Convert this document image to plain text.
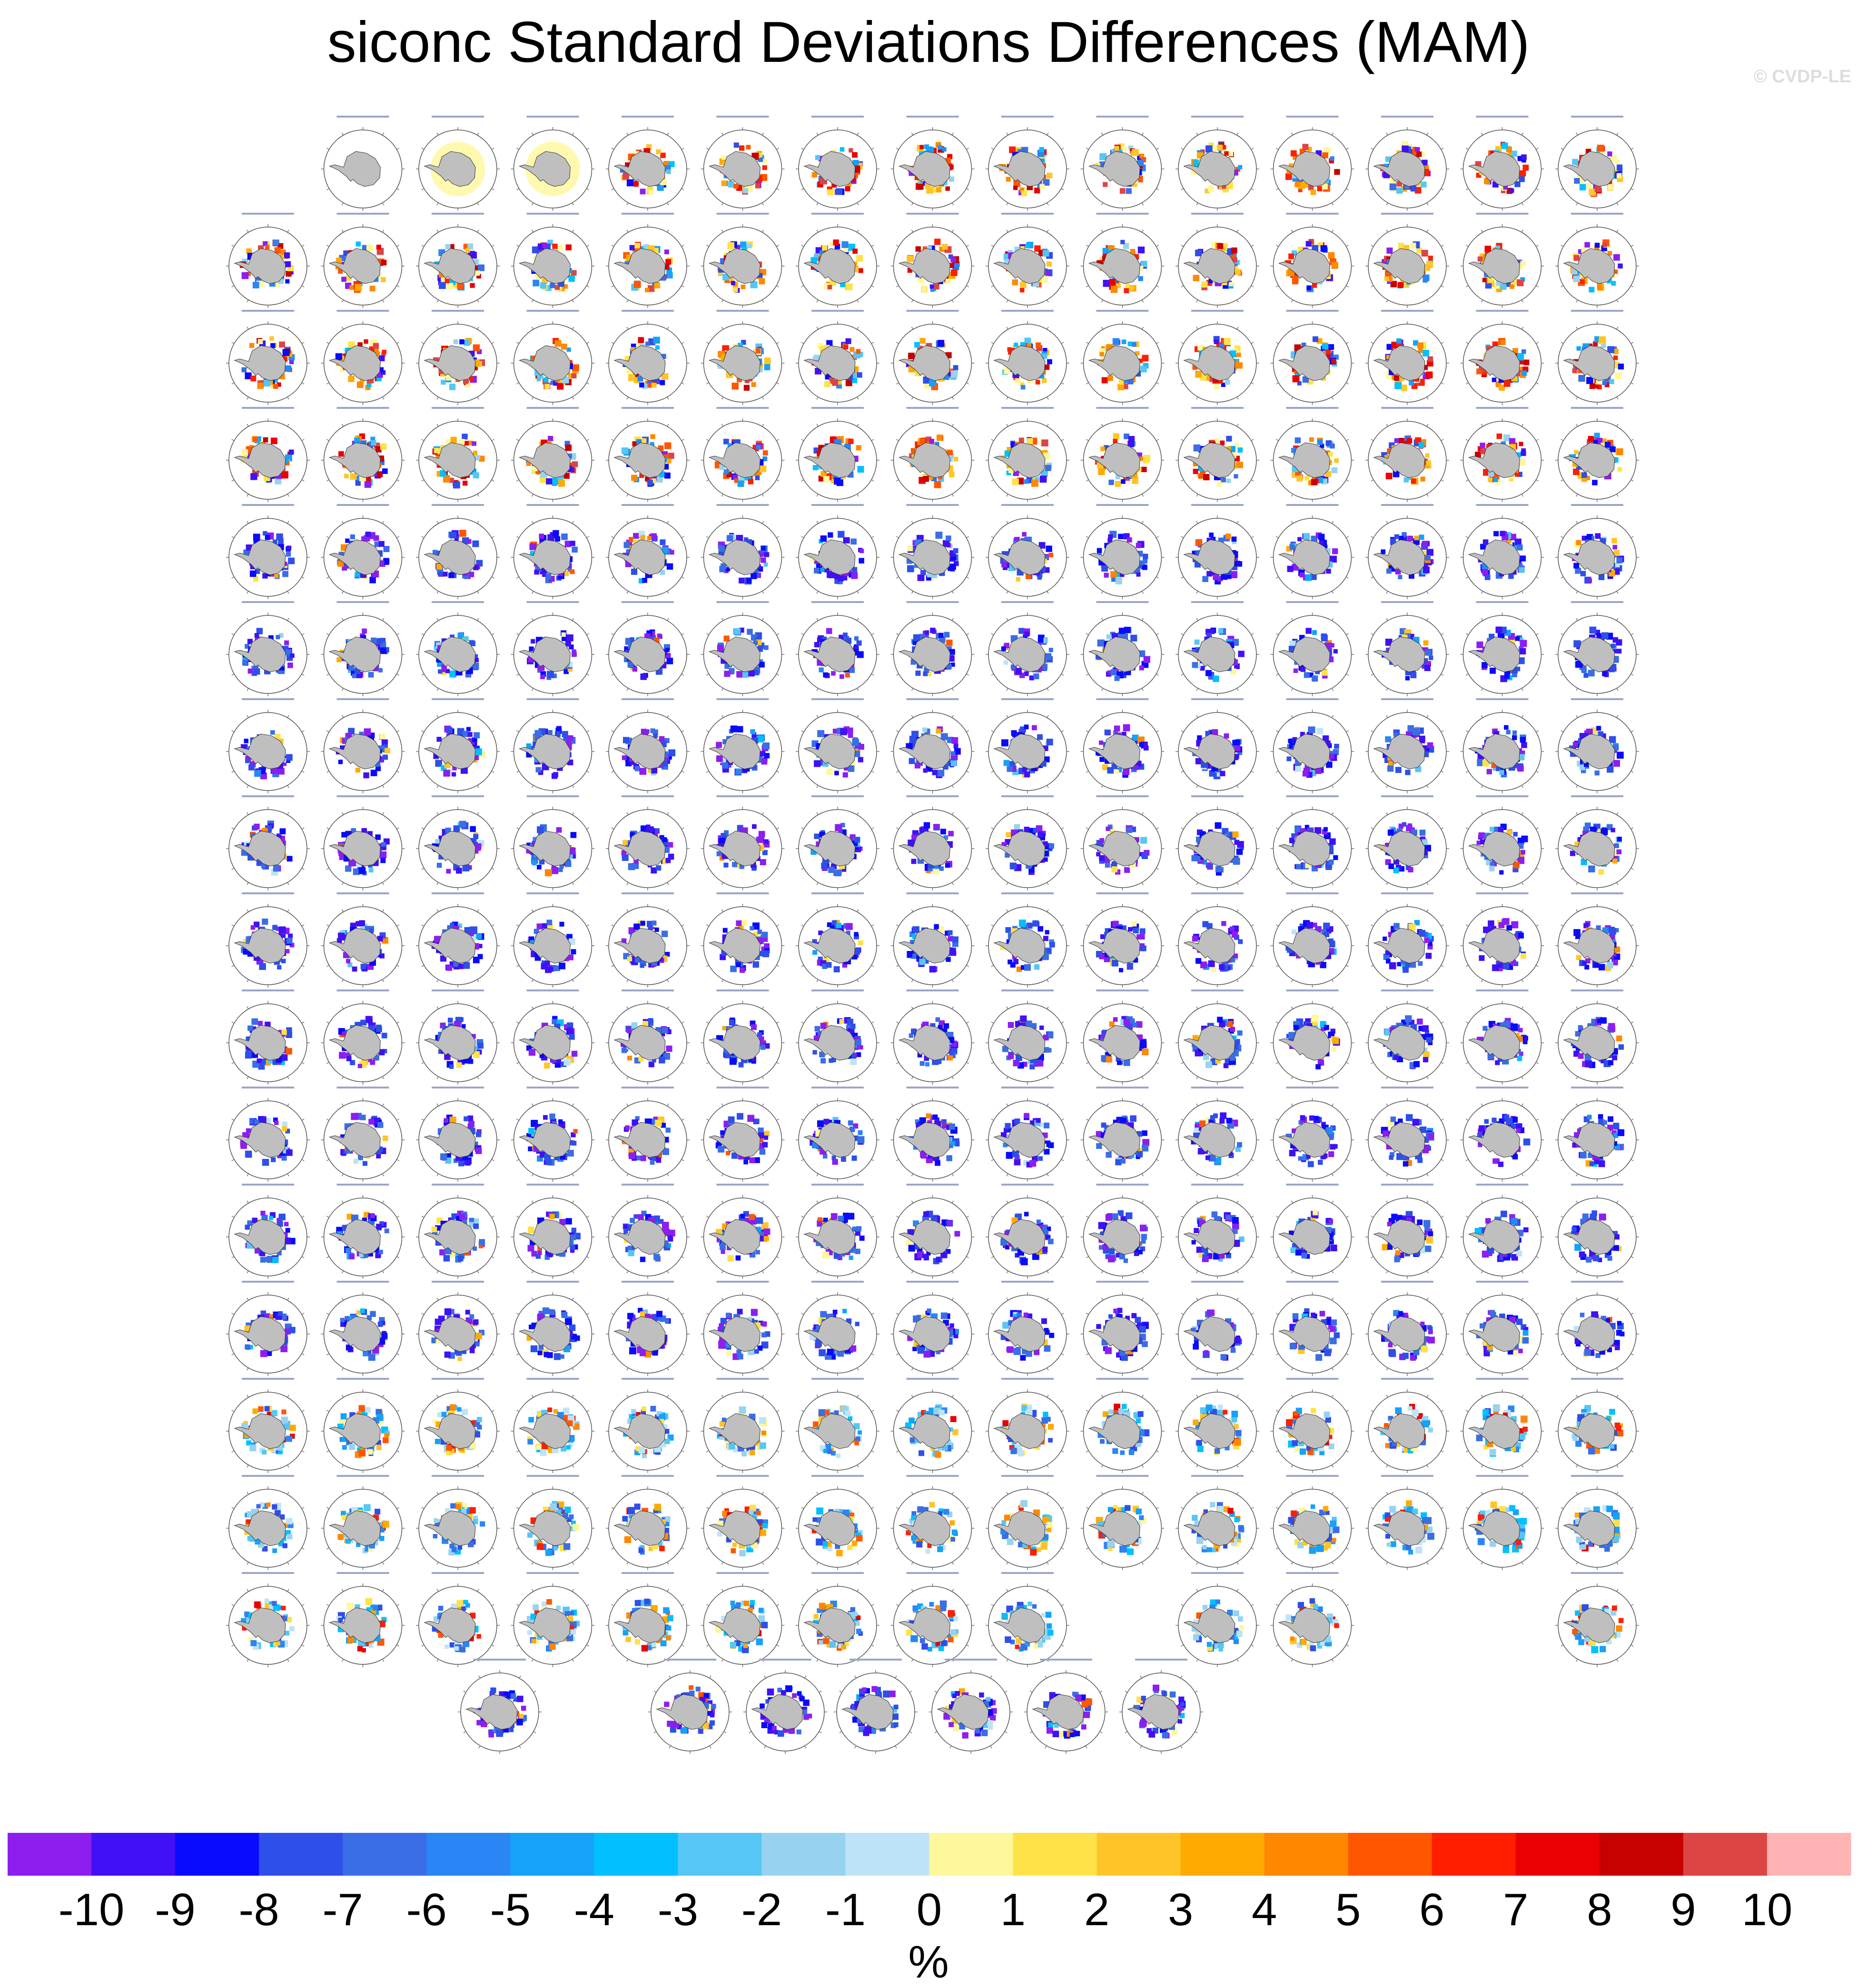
siconc Standard Deviations Differences (MAM)
© CVDP-LE
-10 -9 -8 -7 -6 -5 -4 -3 -2 -1 0 1 2 3 4 5 6 7 8 9 10
%
